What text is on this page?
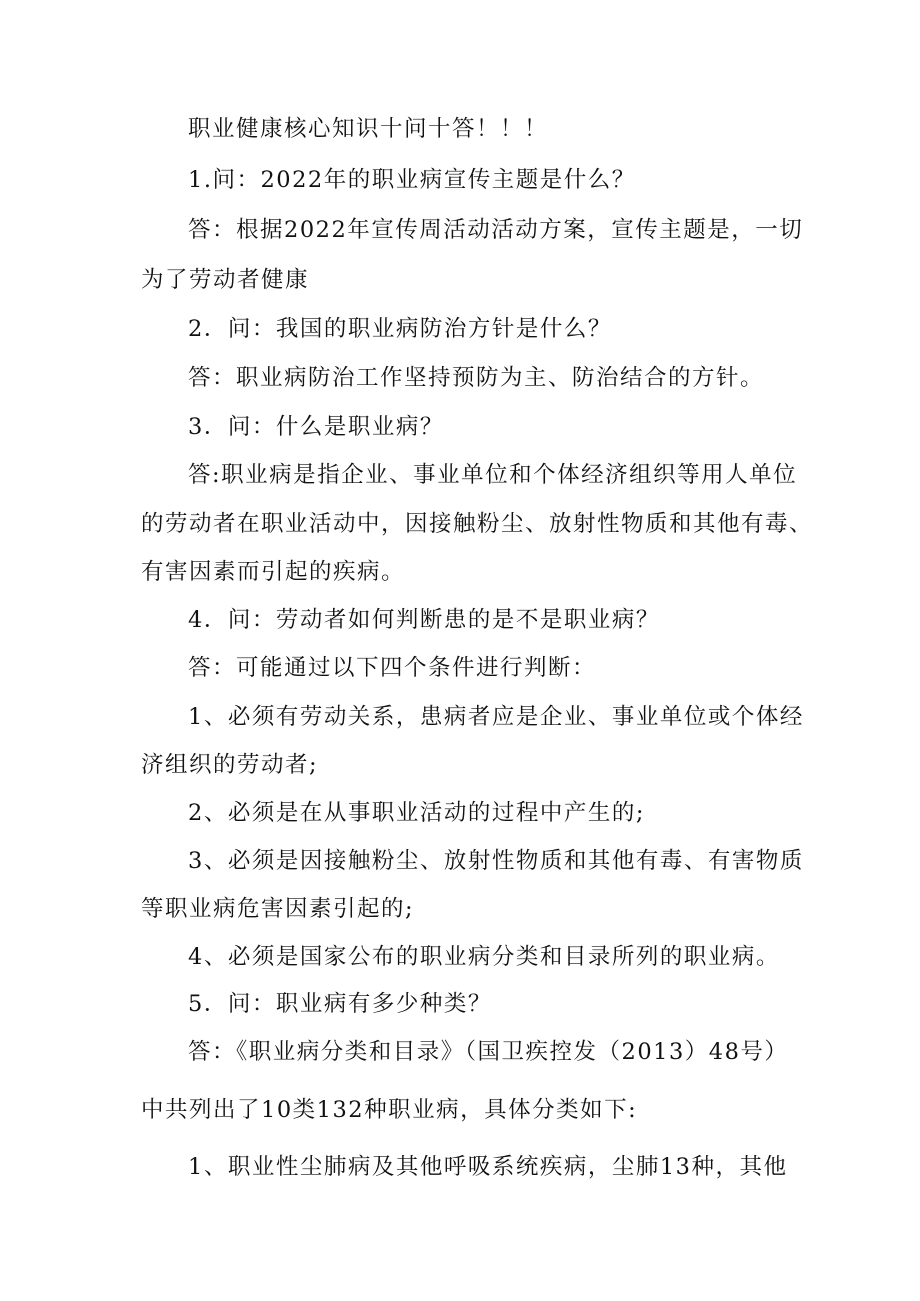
职业健康核心知识十问十答！！！
1.问：2022年的职业病宣传主题是什么？
答：根据2022年宣传周活动活动方案，宣传主题是，一切
为了劳动者健康
2．问：我国的职业病防治方针是什么？
答：职业病防治工作坚持预防为主、防治结合的方针。
3．问：什么是职业病？
答:职业病是指企业、事业单位和个体经济组织等用人单位
的劳动者在职业活动中，因接触粉尘、放射性物质和其他有毒、
有害因素而引起的疾病。
4．问：劳动者如何判断患的是不是职业病？
答：可能通过以下四个条件进行判断：
1、必须有劳动关系，患病者应是企业、事业单位或个体经
济组织的劳动者;
2、必须是在从事职业活动的过程中产生的;
3、必须是因接触粉尘、放射性物质和其他有毒、有害物质
等职业病危害因素引起的;
4、必须是国家公布的职业病分类和目录所列的职业病。
5．问：职业病有多少种类？
答：《职业病分类和目录》（国卫疾控发（2013）48号）
中共列出了10类132种职业病，具体分类如下:
1、职业性尘肺病及其他呼吸系统疾病，尘肺13种，其他
